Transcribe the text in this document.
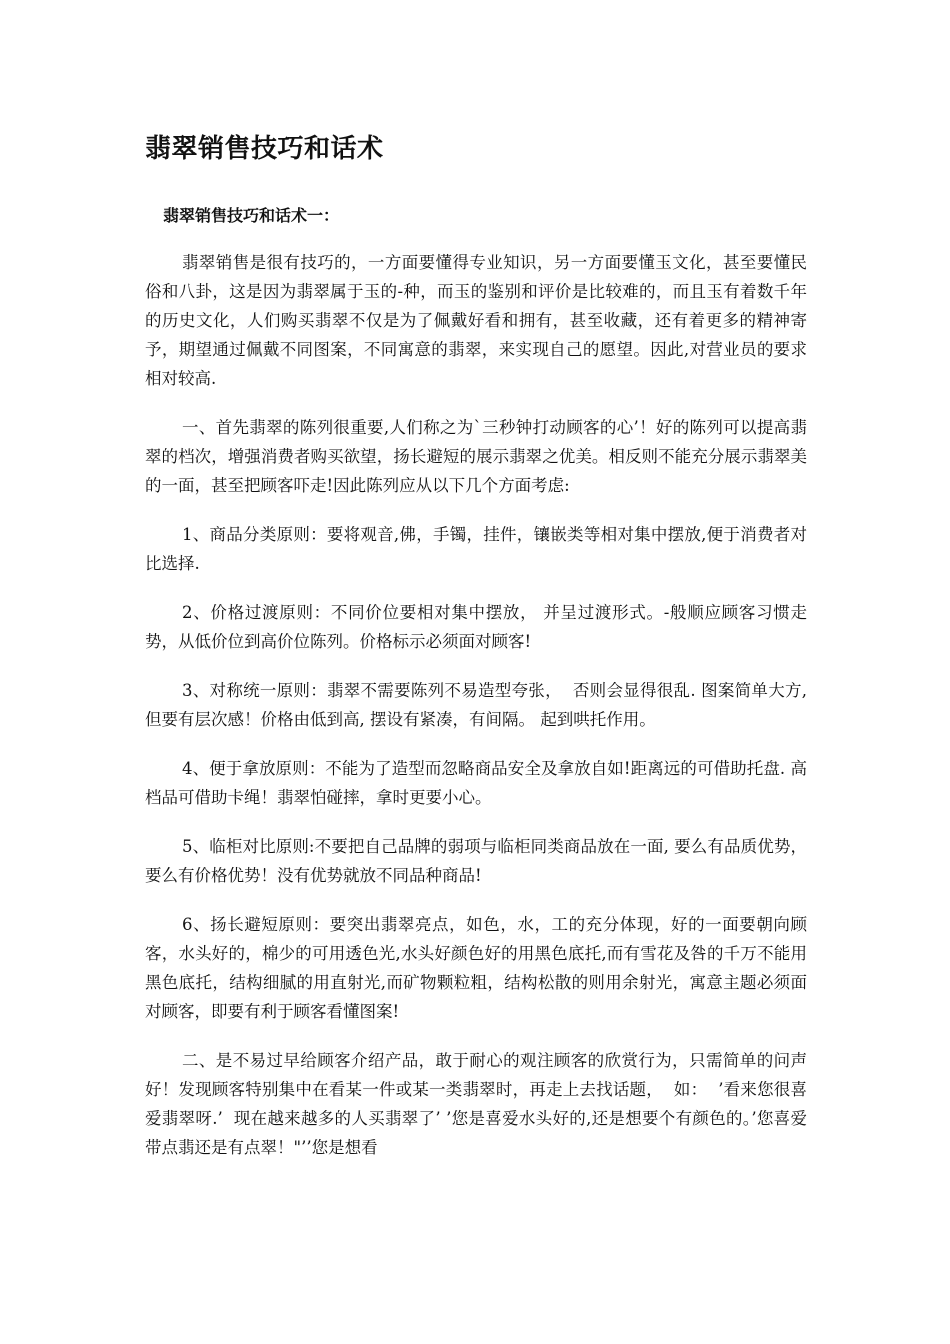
翡翠销售技巧和话术
翡翠销售技巧和话术一：

翡翠销售是很有技巧的，一方面要懂得专业知识，另一方面要懂玉文化，甚至要懂民俗和八卦，这是因为翡翠属于玉的-种，而玉的鉴别和评价是比较难的，而且玉有着数千年的历史文化，人们购买翡翠不仅是为了佩戴好看和拥有，甚至收藏，还有着更多的精神寄予，期望通过佩戴不同图案，不同寓意的翡翠，来实现自己的愿望。因此,对营业员的要求相对较高.

一、首先翡翠的陈列很重要,人们称之为`三秒钟打动顾客的心’！好的陈列可以提高翡翠的档次，增强消费者购买欲望，扬长避短的展示翡翠之优美。相反则不能充分展示翡翠美的一面，甚至把顾客吓走!因此陈列应从以下几个方面考虑:

1、商品分类原则：要将观音,佛，手镯，挂件，镶嵌类等相对集中摆放,便于消费者对比选择.

2、价格过渡原则：不同价位要相对集中摆放， 并呈过渡形式。-般顺应顾客习惯走势，从低价位到高价位陈列。价格标示必须面对顾客!

3、对称统一原则：翡翠不需要陈列不易造型夸张，  否则会显得很乱. 图案简单大方, 但要有层次感！价格由低到高, 摆设有紧凑，有间隔。 起到哄托作用。

4、便于拿放原则：不能为了造型而忽略商品安全及拿放自如!距离远的可借助托盘. 高档品可借助卡绳！翡翠怕碰摔，拿时更要小心。

5、临柜对比原则:不要把自己品牌的弱项与临柜同类商品放在一面, 要么有品质优势，要么有价格优势！没有优势就放不同品种商品!

6、扬长避短原则：要突出翡翠亮点，如色，水，工的充分体现，好的一面要朝向顾客，水头好的，棉少的可用透色光,水头好颜色好的用黑色底托,而有雪花及咎的千万不能用黑色底托，结构细腻的用直射光,而矿物颗粒粗，结构松散的则用余射光，寓意主题必须面对顾客，即要有利于顾客看懂图案!

二、是不易过早给顾客介绍产品，敢于耐心的观注顾客的欣赏行为，只需简单的问声好！发现顾客特别集中在看某一件或某一类翡翠时，再走上去找话题，  如：  ’看来您很喜爱翡翠呀.’  现在越来越多的人买翡翠了’ ’您是喜爱水头好的,还是想要个有颜色的。’您喜爱带点翡还是有点翠！"’’您是想看
